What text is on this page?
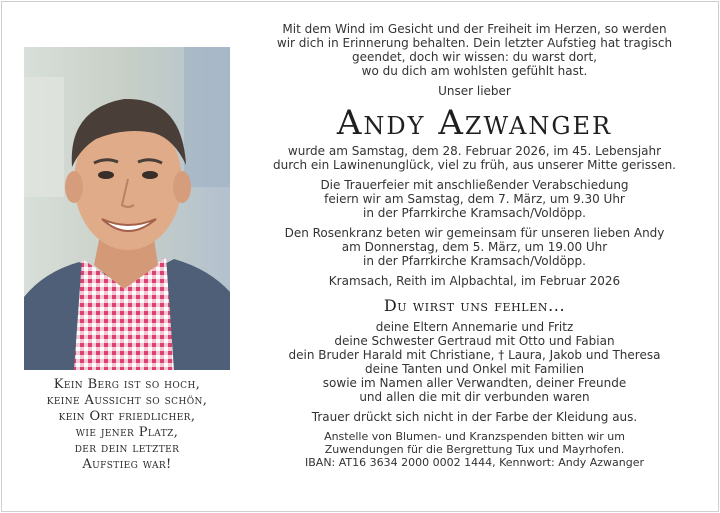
Kein Berg ist so hoch,
keine Aussicht so schön,
kein Ort friedlicher,
wie jener Platz,
der dein letzter
Aufstieg war!
Mit dem Wind im Gesicht und der Freiheit im Herzen, so werden
wir dich in Erinnerung behalten. Dein letzter Aufstieg hat tragisch
geendet, doch wir wissen: du warst dort,
wo du dich am wohlsten gefühlt hast.
Unser lieber
Andy Azwanger
wurde am Samstag, dem 28. Februar 2026, im 45. Lebensjahr
durch ein Lawinenunglück, viel zu früh, aus unserer Mitte gerissen.
Die Trauerfeier mit anschließender Verabschiedung
feiern wir am Samstag, dem 7. März, um 9.30 Uhr
in der Pfarrkirche Kramsach/Voldöpp.
Den Rosenkranz beten wir gemeinsam für unseren lieben Andy
am Donnerstag, dem 5. März, um 19.00 Uhr
in der Pfarrkirche Kramsach/Voldöpp.
Kramsach, Reith im Alpbachtal, im Februar 2026
Du wirst uns fehlen...
deine Eltern Annemarie und Fritz
deine Schwester Gertraud mit Otto und Fabian
dein Bruder Harald mit Christiane, † Laura, Jakob und Theresa
deine Tanten und Onkel mit Familien
sowie im Namen aller Verwandten, deiner Freunde
und allen die mit dir verbunden waren
Trauer drückt sich nicht in der Farbe der Kleidung aus.
Anstelle von Blumen- und Kranzspenden bitten wir um
Zuwendungen für die Bergrettung Tux und Mayrhofen.
IBAN: AT16 3634 2000 0002 1444, Kennwort: Andy Azwanger
